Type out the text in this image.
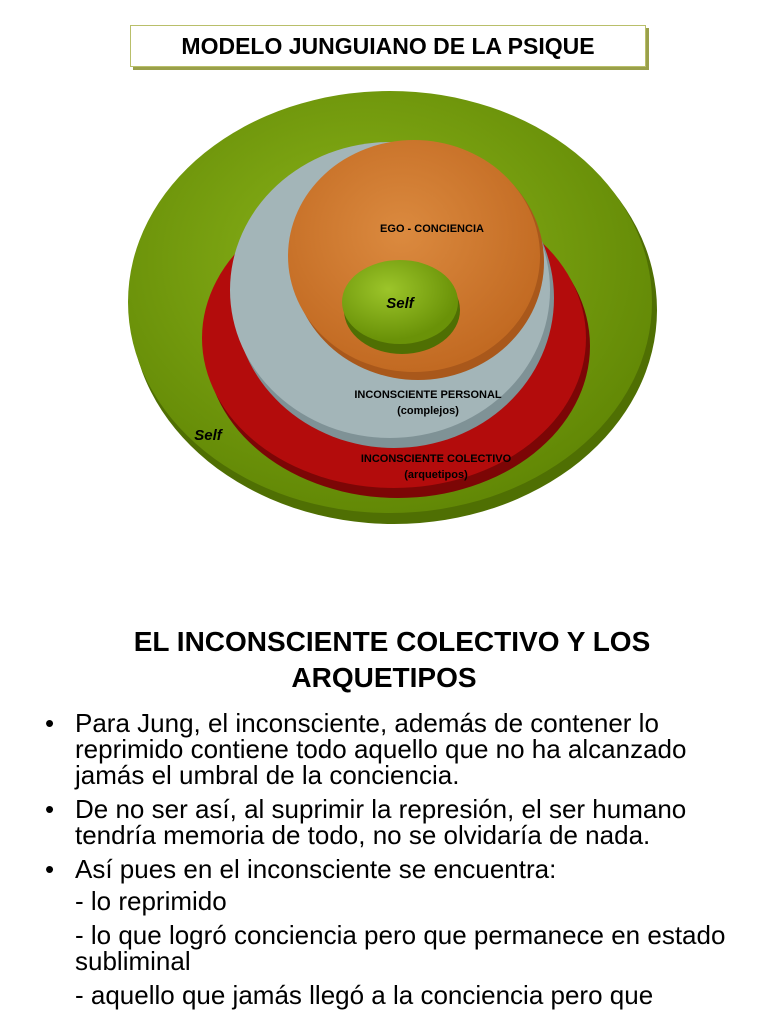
MODELO JUNGUIANO DE LA PSIQUE
EGO - CONCIENCIA
Self
INCONSCIENTE PERSONAL
(complejos)
INCONSCIENTE COLECTIVO
(arquetipos)
Self
EL INCONSCIENTE COLECTIVO Y LOS
ARQUETIPOS
• Para Jung, el inconsciente, además de contener lo reprimido contiene todo aquello que no ha alcanzado jamás el umbral de la conciencia.
• De no ser así, al suprimir la represión, el ser humano tendría memoria de todo, no se olvidaría de nada.
• Así pues en el inconsciente se encuentra:
- lo reprimido
- lo que logró conciencia pero que permanece en estado subliminal
- aquello que jamás llegó a la conciencia pero que
